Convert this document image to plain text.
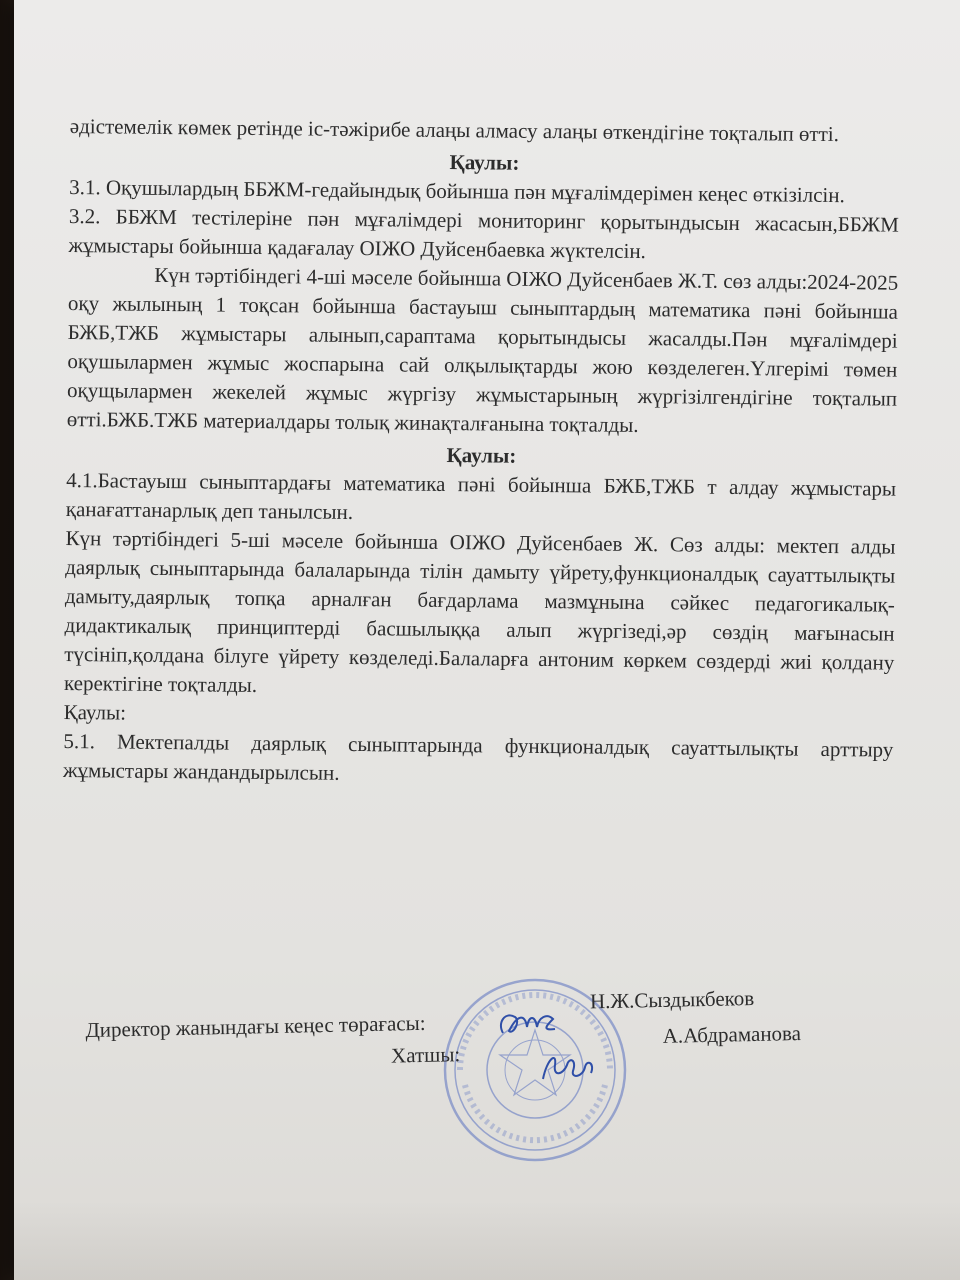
әдістемелік көмек ретінде іс-тәжірибе алаңы алмасу алаңы өткендігіне тоқталып өтті.

Қаулы:

3.1. Оқушылардың ББЖМ-гедайындық бойынша пән мұғалімдерімен кеңес өткізілсін.

3.2. ББЖМ тестілеріне пән мұғалімдері мониторинг қорытындысын жасасын,ББЖМ жұмыстары бойынша қадағалау ОІЖО Дуйсенбаевка жүктелсін.

Күн тәртібіндегі 4-ші мәселе бойынша ОІЖО Дуйсенбаев Ж.Т. сөз алды:2024-2025 оқу жылының 1 тоқсан бойынша бастауыш сыныптардың математика пәні бойынша БЖБ,ТЖБ жұмыстары алынып,сараптама қорытындысы жасалды.Пән мұғалімдері оқушылармен жұмыс жоспарына сай олқылықтарды жою көзделеген.Үлгерімі төмен оқущылармен жекелей жұмыс жүргізу жұмыстарының жүргізілгендігіне тоқталып өтті.БЖБ.ТЖБ материалдары толық жинақталғанына тоқталды.

Қаулы:

4.1.Бастауыш сыныптардағы математика пәні бойынша БЖБ,ТЖБ т алдау жұмыстары қанағаттанарлық деп танылсын.

Күн тәртібіндегі 5-ші мәселе бойынша ОІЖО Дуйсенбаев Ж. Сөз алды: мектеп алды даярлық сыныптарында балаларында тілін дамыту үйрету,функционалдық сауаттылықты дамыту,даярлық топқа арналған бағдарлама мазмұнына сәйкес педагогикалық-дидактикалық принциптерді басшылыққа алып жүргізеді,әр сөздің мағынасын түсініп,қолдана білуге үйрету көзделеді.Балаларға антоним көркем сөздерді жиі қолдану керектігіне тоқталды.

Қаулы:

5.1. Мектепалды даярлық сыныптарында функционалдық сауаттылықты арттыру жұмыстары жандандырылсын.

Директор жанындағы кеңес төрағасы:
Н.Ж.Сыздыкбеков
Хатшы:
А.Абдраманова
